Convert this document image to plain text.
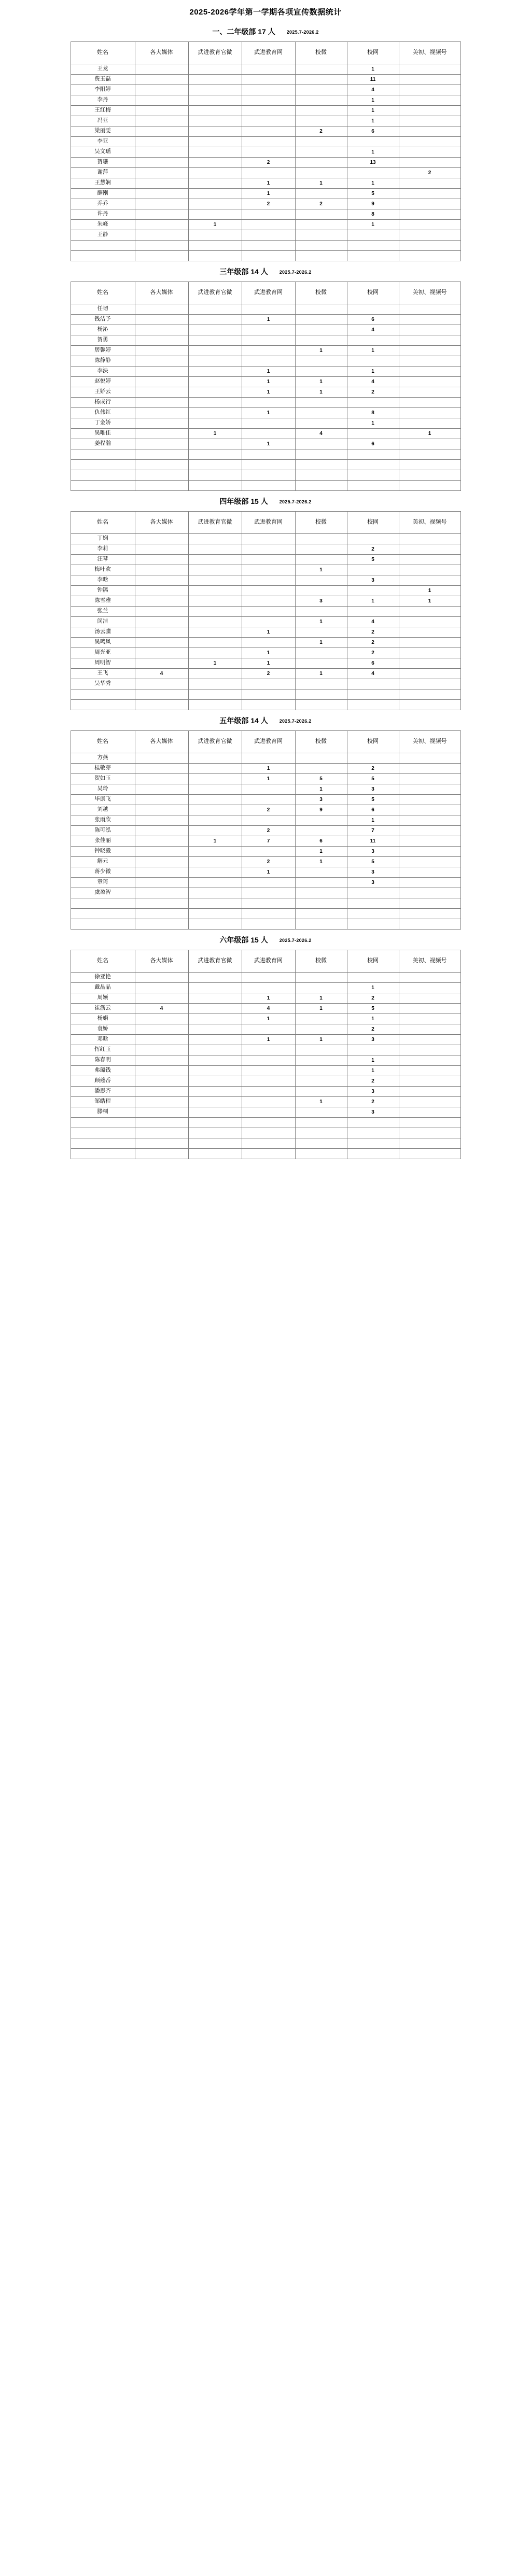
2025-2026学年第一学期各项宣传数据统计
一、二年级部 17 人 2025.7-2026.2
姓名	各大媒体	武进教育官微	武进教育网	校微	校网	美初、视频号
王龙					1	
费玉磊					11	
李阳婷					4	
李丹					1	
王红梅					1	
冯亚					1	
梁丽雯				2	6	
李亚						
吴文瑶					1	
贺珊			2		13	
谢萍						2
王慧娴			1	1	1	
薛刚			1		5	
乔乔			2	2	9	
许丹					8	
朱峰		1			1	
王静						

三年级部 14 人 2025.7-2026.2
姓名	各大媒体	武进教育官微	武进教育网	校微	校网	美初、视频号
任韧						
钱洁予			1		6	
杨沁					4	
贺勇						
居馨婷				1	1	
陈静静						
李泱			1		1	
赵悦婷			1	1	4	
王娇云			1	1	2	
杨成行						
仇伟红			1		8	
丁金娇					1	
吴唯佳		1		4		1
姜程瀚			1		6	

四年级部 15 人 2025.7-2026.2
姓名	各大媒体	武进教育官微	武进教育网	校微	校网	美初、视频号
丁娴						
李莉					2	
汪琴					5	
梅叶欢				1		
李晗					3	
钟鹃						1
陈雪雅				3	1	1
张兰						
闵洁				1	4	
汤云骥			1		2	
吴鸣凤				1	2	
周光亚			1		2	
周明智		1	1		6	
王飞	4		2	1	4	
吴华秀						

五年级部 14 人 2025.7-2026.2
姓名	各大媒体	武进教育官微	武进教育网	校微	校网	美初、视频号
方燕						
桂敬芽			1		2	
贺如玉			1	5	5	
吴玲				1	3	
毕康飞				3	5	
刘越			2	9	6	
张雨欣					1	
陈可泓			2		7	
张佳丽		1	7	6	11	
钟晓毅				1	3	
解元			2	1	5	
蒋少微			1		3	
章琦					3	
虞盈智						

六年级部 15 人 2025.7-2026.2
姓名	各大媒体	武进教育官微	武进教育网	校微	校网	美初、视频号
徐亚艳						
戴晶晶					1	
周颖			1	1	2	
崔沥云	4		4	1	5	
杨娟			1		1	
袁娇					2	
邓晗			1	1	3	
恽红玉						
陈春明					1	
弗璐钱					1	
顾蔻岙					2	
潘思齐					3	
邹皓程				1	2	
滕桐					3	
